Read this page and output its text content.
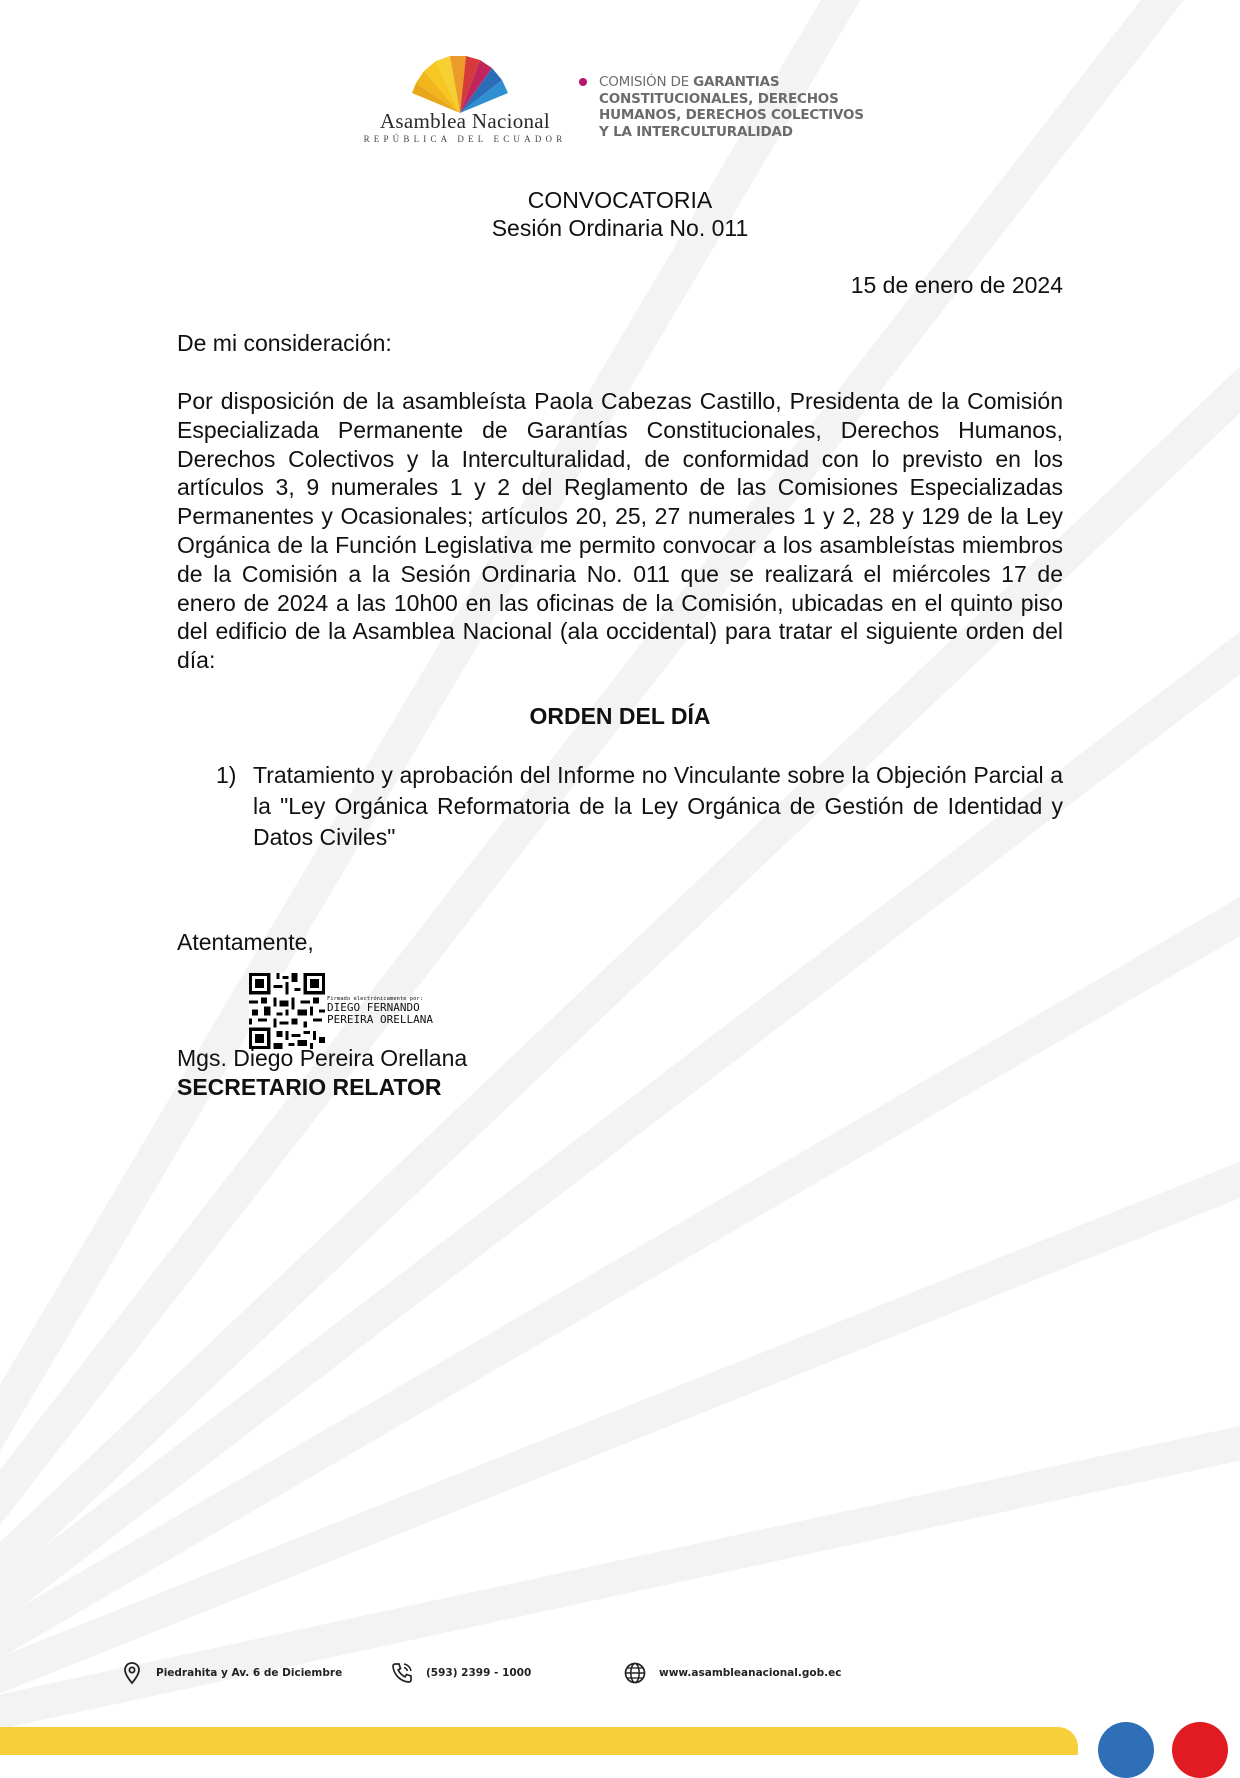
Asamblea Nacional
REPÚBLICA DEL ECUADOR
COMISIÓN DE GARANTIAS
CONSTITUCIONALES, DERECHOS
HUMANOS, DERECHOS COLECTIVOS
Y LA INTERCULTURALIDAD
CONVOCATORIA
Sesión Ordinaria No. 011
15 de enero de 2024
De mi consideración:

Por disposición de la asambleísta Paola Cabezas Castillo, Presidenta de la Comisión Especializada Permanente de Garantías Constitucionales, Derechos Humanos, Derechos Colectivos y la Interculturalidad, de conformidad con lo previsto en los artículos 3, 9 numerales 1 y 2 del Reglamento de las Comisiones Especializadas Permanentes y Ocasionales; artículos 20, 25, 27 numerales 1 y 2, 28 y 129 de la Ley Orgánica de la Función Legislativa me permito convocar a los asambleístas miembros de la Comisión a la Sesión Ordinaria No. 011 que se realizará el miércoles 17 de enero de 2024 a las 10h00 en las oficinas de la Comisión, ubicadas en el quinto piso del edificio de la Asamblea Nacional (ala occidental) para tratar el siguiente orden del día:

ORDEN DEL DÍA
1) Tratamiento y aprobación del Informe no Vinculante sobre la Objeción Parcial a la "Ley Orgánica Reformatoria de la Ley Orgánica de Gestión de Identidad y Datos Civiles"

Atentamente,
Firmado electrónicamente por:
DIEGO FERNANDO
PEREIRA ORELLANA
Mgs. Diego Pereira Orellana
SECRETARIO RELATOR
Piedrahita y Av. 6 de Diciembre	(593) 2399 - 1000	www.asambleanacional.gob.ec
